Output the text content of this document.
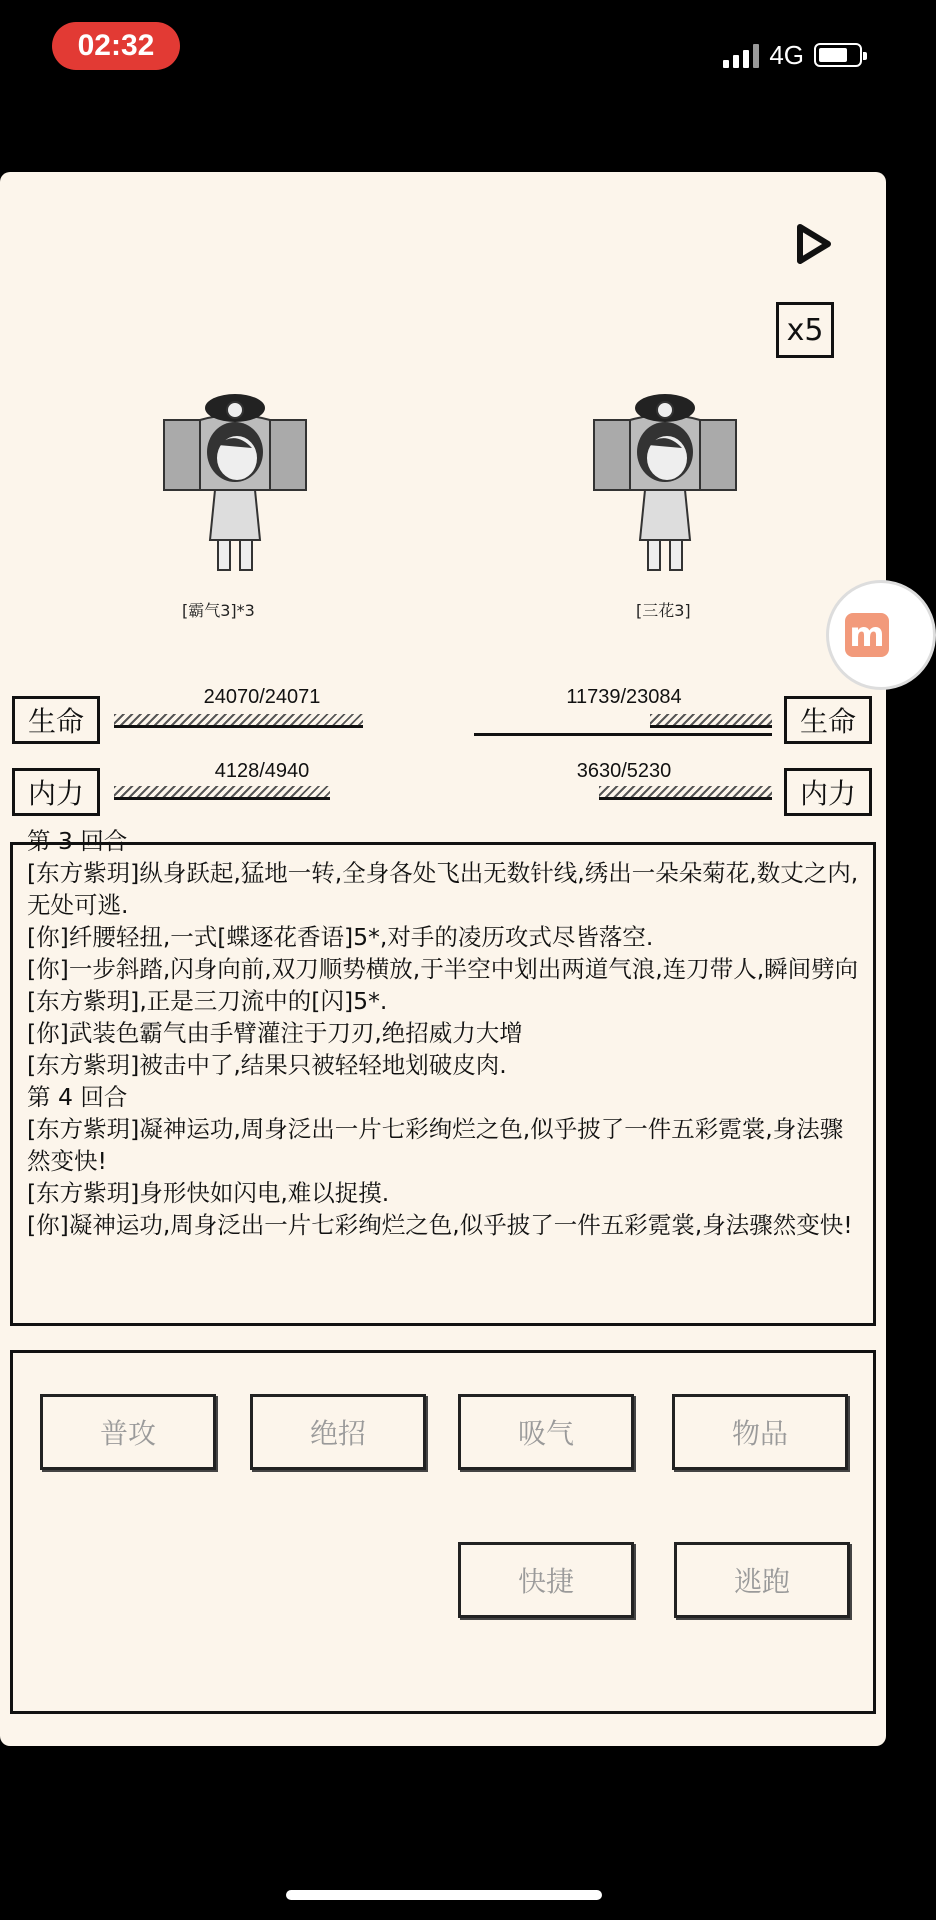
02:32	4G
x5
m
[霸气3]*3	[三花3]
生命
24070/24071
内力
4128/4940
生命
11739/23084
内力
3630/5230
第 3 回合
[东方紫玥]纵身跃起,猛地一转,全身各处飞出无数针线,绣出一朵朵菊花,数丈之内,无处可逃.
[你]纤腰轻扭,一式[蝶逐花香语]5*,对手的凌历攻式尽皆落空.
[你]一步斜踏,闪身向前,双刀顺势横放,于半空中划出两道气浪,连刀带人,瞬间劈向[东方紫玥],正是三刀流中的[闪]5*.
[你]武装色霸气由手臂灌注于刀刃,绝招威力大增
[东方紫玥]被击中了,结果只被轻轻地划破皮肉.
第 4 回合
[东方紫玥]凝神运功,周身泛出一片七彩绚烂之色,似乎披了一件五彩霓裳,身法骤然变快!
[东方紫玥]身形快如闪电,难以捉摸.
[你]凝神运功,周身泛出一片七彩绚烂之色,似乎披了一件五彩霓裳,身法骤然变快!
普攻	绝招	吸气	物品
快捷	逃跑
